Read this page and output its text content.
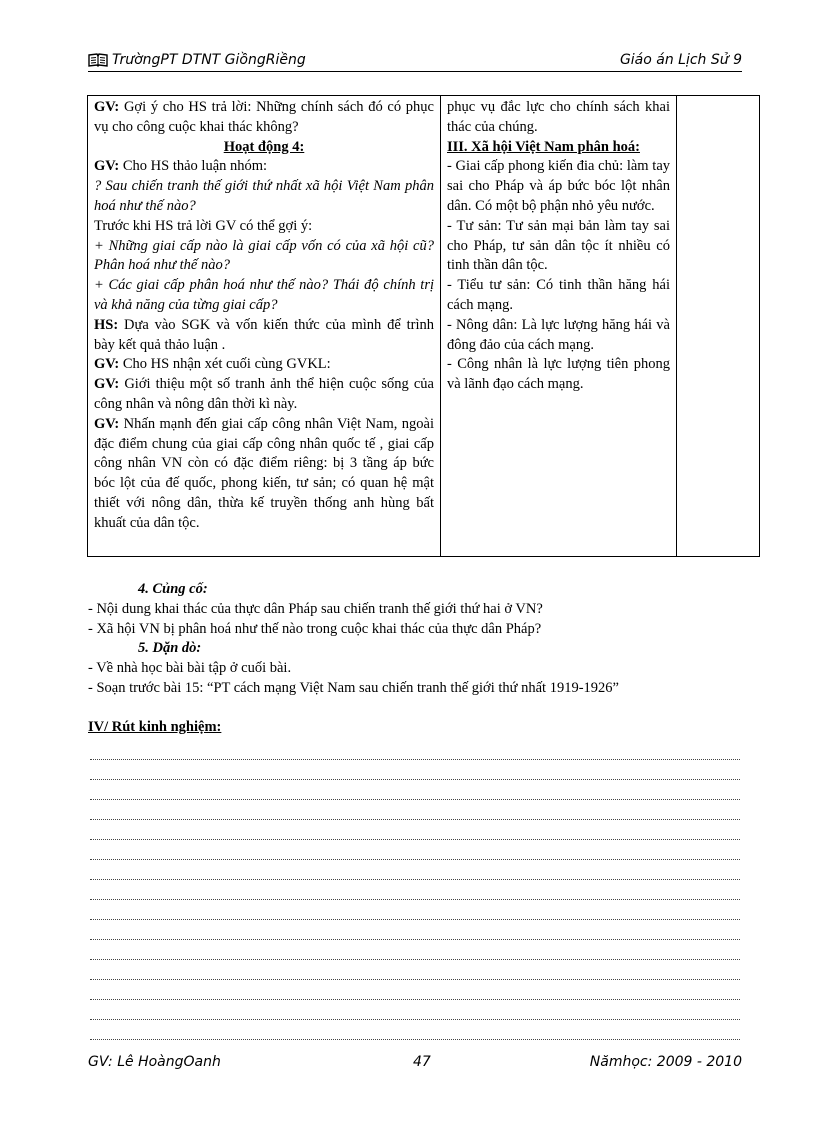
TrườngPT DTNT GiồngRiềng	Giáo án Lịch Sử 9
GV: Gợi ý cho HS trả lời: Những chính sách đó có phục vụ cho công cuộc khai thác không?
Hoạt động 4:
GV: Cho HS thảo luận nhóm:
? Sau chiến tranh thế giới thứ nhất xã hội Việt Nam phân hoá như thế nào?
Trước khi HS trả lời GV có thể gợi ý:
+ Những giai cấp nào là giai cấp vốn có của xã hội cũ? Phân hoá như thế nào?
+ Các giai cấp phân hoá như thế nào? Thái độ chính trị và khả năng của từng giai cấp?
HS: Dựa vào SGK và vốn kiến thức của mình để trình bày kết quả thảo luận .
GV: Cho HS nhận xét cuối cùng GVKL:
GV: Giới thiệu một số tranh ảnh thể hiện cuộc sống của công nhân và nông dân thời kì này.
GV: Nhấn mạnh đến giai cấp công nhân Việt Nam, ngoài đặc điểm chung của giai cấp công nhân quốc tế , giai cấp công nhân VN còn có đặc điểm riêng: bị 3 tầng áp bức bóc lột của đế quốc, phong kiến, tư sản; có quan hệ mật thiết với nông dân, thừa kế truyền thống anh hùng bất khuất của dân tộc.

phục vụ đắc lực cho chính sách khai thác của chúng.
III. Xã hội Việt Nam phân hoá:
- Giai cấp phong kiến đia chủ: làm tay sai cho Pháp và áp bức bóc lột nhân dân. Có một bộ phận nhỏ yêu nước.
- Tư sản: Tư sản mại bản làm tay sai cho Pháp, tư sản dân tộc ít nhiều có tinh thần dân tộc.
- Tiểu tư sản: Có tinh thần hăng hái cách mạng.
- Nông dân: Là lực lượng hăng hái và đông đảo của cách mạng.
- Công nhân là lực lượng tiên phong và lãnh đạo cách mạng.

4. Củng cố:
- Nội dung khai thác của thực dân Pháp sau chiến tranh thế giới thứ hai ở VN?
- Xã hội VN bị phân hoá như thế nào trong cuộc khai thác của thực dân Pháp?
5. Dặn dò:
- Về nhà học bài bài tập ở cuối bài.
- Soạn trước bài 15: “PT cách mạng Việt Nam sau chiến tranh thế giới thứ nhất 1919-1926”
IV/ Rút kinh nghiệm:
GV: Lê HoàngOanh	47	Nămhọc: 2009 - 2010
